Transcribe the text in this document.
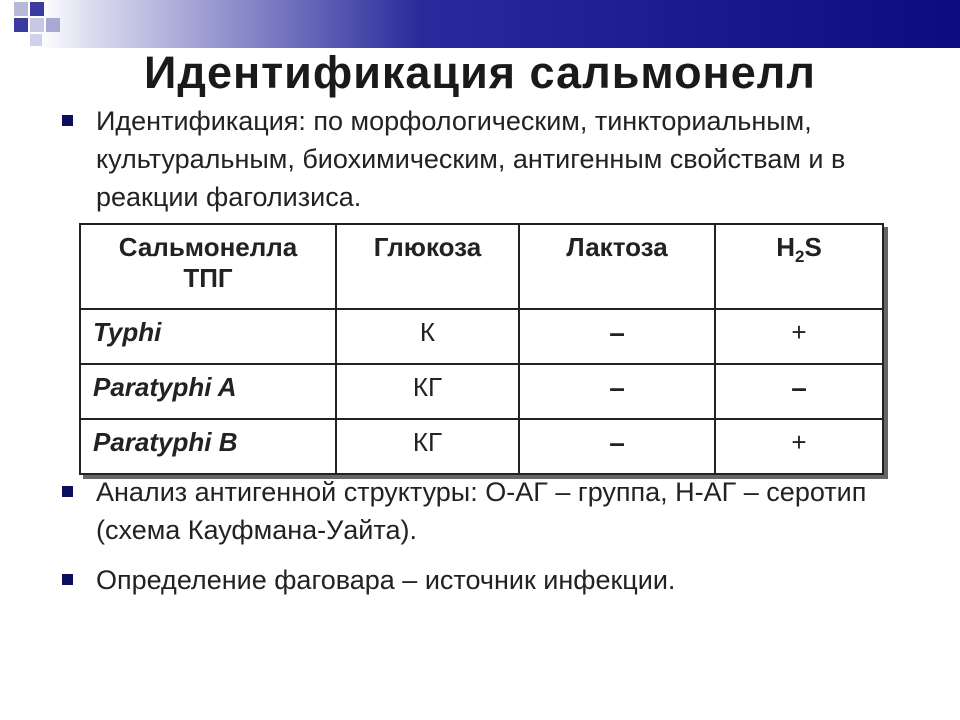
Идентификация сальмонелл
Идентификация: по морфологическим, тинкториальным, культуральным, биохимическим, антигенным свойствам и в реакции фаголизиса.
Сальмонелла
ТПГ	Глюкоза	Лактоза	$H_2S$
Typhi	К	–	+
Paratyphi A	КГ	–	–
Paratyphi B	КГ	–	+
Анализ антигенной структуры: О-АГ – группа, Н-АГ – серотип (схема Кауфмана-Уайта).
Определение фаговара – источник инфекции.
